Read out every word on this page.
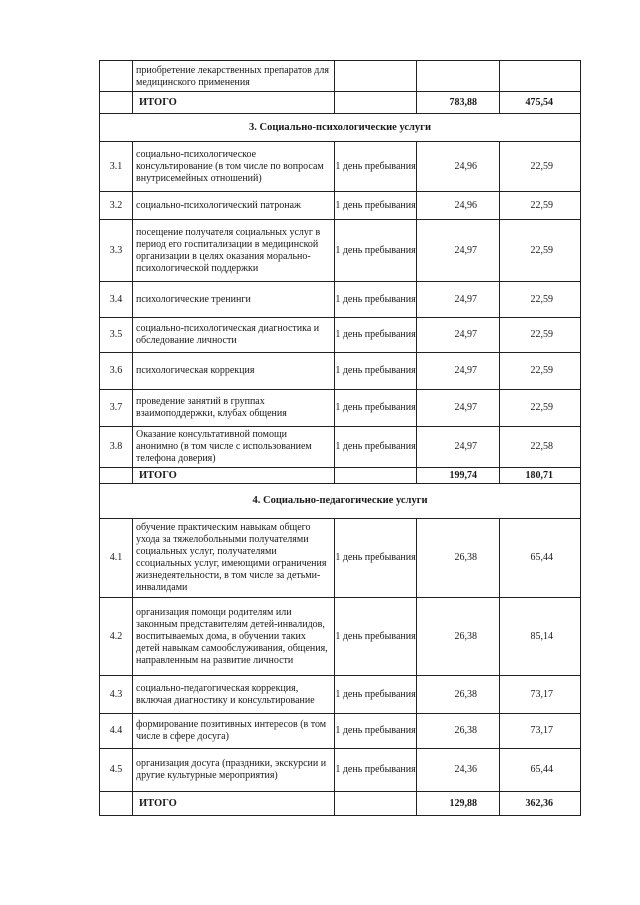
	приобретение лекарственных препаратов для медицинского применения			
	ИТОГО		783,88	475,54
3. Социально-психологические услуги				
3.1	социально-психологическое консультирование (в том числе по вопросам внутрисемейных отношений)	1 день пребывания	24,96	22,59
3.2	социально-психологический патронаж	1 день пребывания	24,96	22,59
3.3	посещение получателя социальных услуг в период его госпитализации в медицинской организации в целях оказания морально-психологической поддержки	1 день пребывания	24,97	22,59
3.4	психологические тренинги	1 день пребывания	24,97	22,59
3.5	социально-психологическая диагностика и обследование личности	1 день пребывания	24,97	22,59
3.6	психологическая коррекция	1 день пребывания	24,97	22,59
3.7	проведение занятий в группах взаимоподдержки, клубах общения	1 день пребывания	24,97	22,59
3.8	Оказание консультативной помощи анонимно (в том числе с использованием телефона доверия)	1 день пребывания	24,97	22,58
	ИТОГО		199,74	180,71
4. Социально-педагогические услуги				
4.1	обучение практическим навыкам общего ухода за тяжелобольными получателями социальных услуг, получателями ссоциальных услуг, имеющими ограничения жизнедеятельности, в том числе за детьми-инвалидами	1 день пребывания	26,38	65,44
4.2	организация помощи родителям или законным представителям детей-инвалидов, воспитываемых дома, в обучении таких детей навыкам самообслуживания, общения, направленным на развитие личности	1 день пребывания	26,38	85,14
4.3	социально-педагогическая коррекция, включая диагностику и консультирование	1 день пребывания	26,38	73,17
4.4	формирование позитивных интересов (в том числе в сфере досуга)	1 день пребывания	26,38	73,17
4.5	организация досуга (праздники, экскурсии и другие культурные мероприятия)	1 день пребывания	24,36	65,44
	ИТОГО		129,88	362,36
